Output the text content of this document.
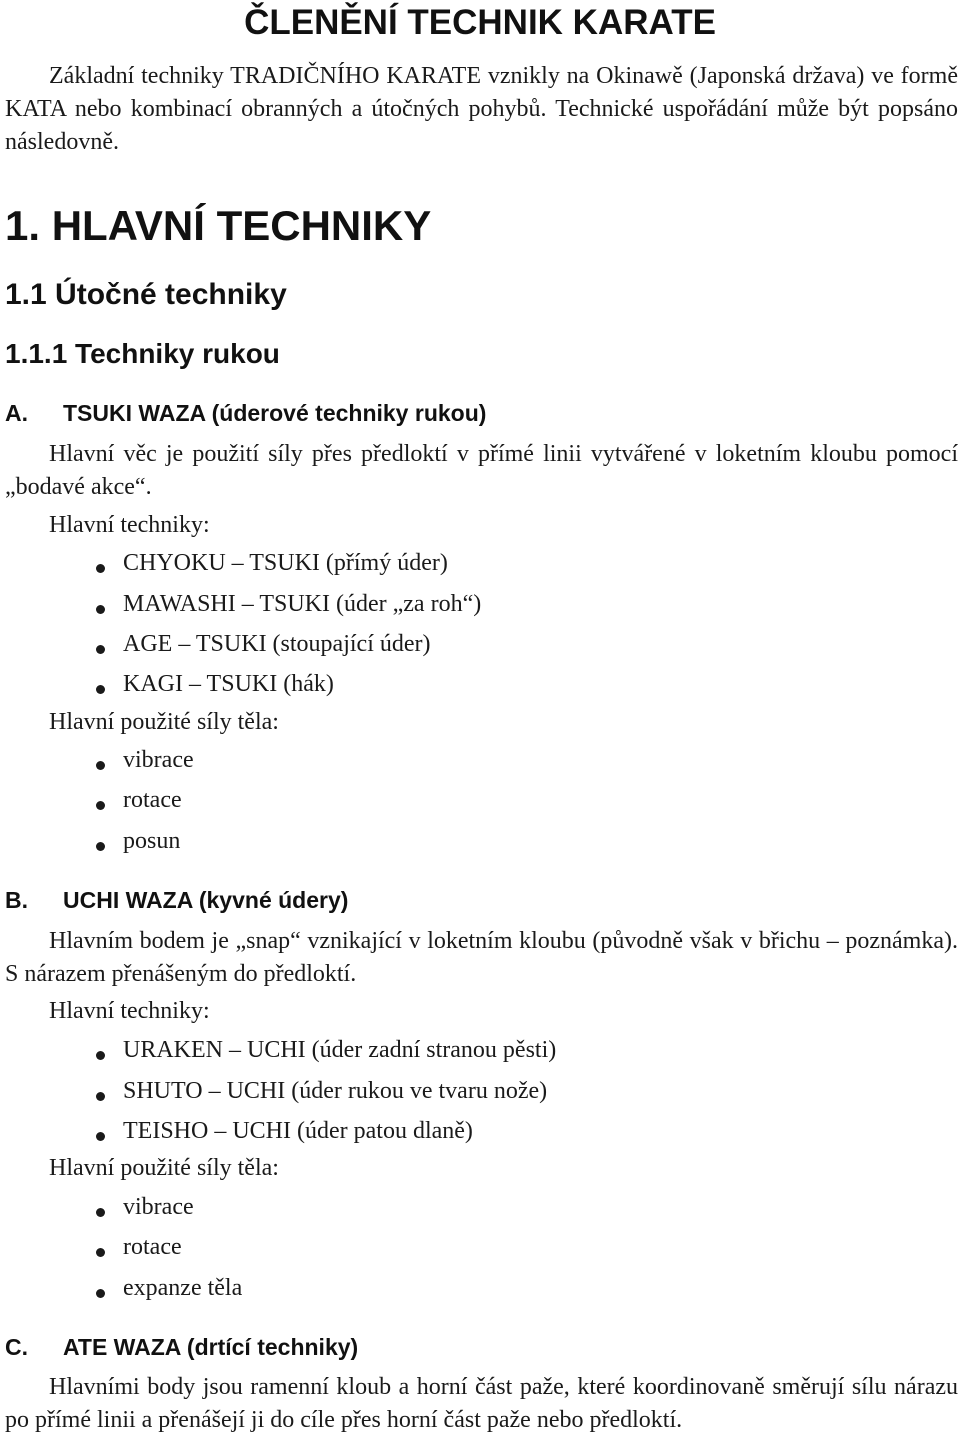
ČLENĚNÍ TECHNIK KARATE
Základní techniky TRADIČNÍHO KARATE vznikly na Okinawě (Japonská država) ve formě KATA nebo kombinací obranných a útočných pohybů. Technické uspořádání může být popsáno následovně.
1. HLAVNÍ TECHNIKY
1.1 Útočné techniky
1.1.1 Techniky rukou
A. TSUKI WAZA (úderové techniky rukou)
Hlavní věc je použití síly přes předloktí v přímé linii vytvářené v loketním kloubu pomocí „bodavé akce“.
Hlavní techniky:
CHYOKU – TSUKI (přímý úder)
MAWASHI – TSUKI (úder „za roh“)
AGE – TSUKI (stoupající úder)
KAGI – TSUKI (hák)
Hlavní použité síly těla:
vibrace
rotace
posun
B. UCHI WAZA (kyvné údery)
Hlavním bodem je „snap“ vznikající v loketním kloubu (původně však v břichu – poznámka). S nárazem přenášeným do předloktí.
Hlavní techniky:
URAKEN – UCHI (úder zadní stranou pěsti)
SHUTO – UCHI (úder rukou ve tvaru nože)
TEISHO – UCHI (úder patou dlaně)
Hlavní použité síly těla:
vibrace
rotace
expanze těla
C. ATE WAZA (drtící techniky)
Hlavními body jsou ramenní kloub a horní část paže, které koordinovaně směrují sílu nárazu po přímé linii a přenášejí ji do cíle přes horní část paže nebo předloktí.
